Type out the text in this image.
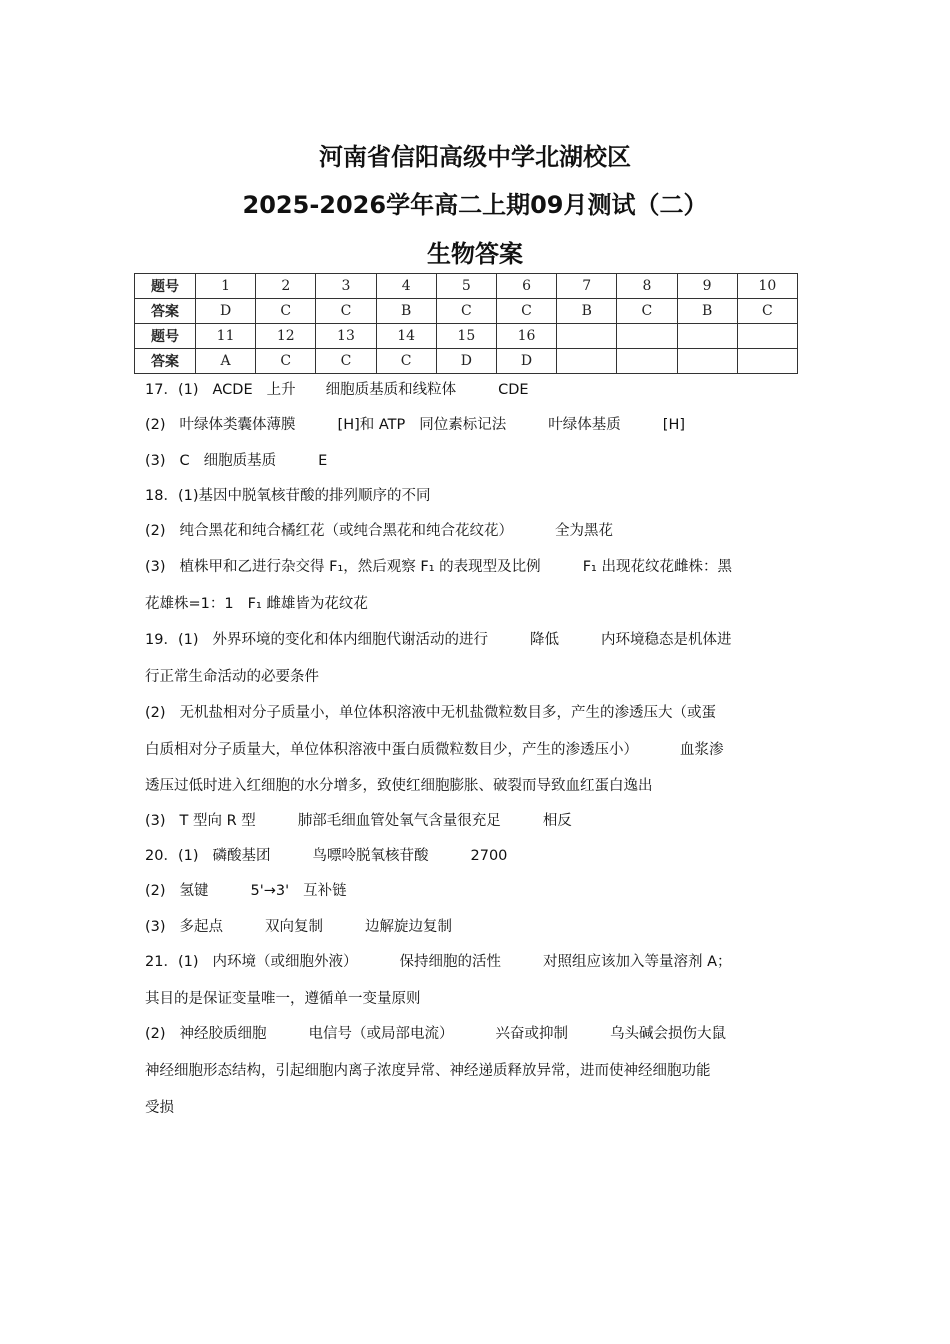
河南省信阳高级中学北湖校区
2025-2026学年高二上期09月测试（二）
生物答案
题号	1	2	3	4	5	6	7	8	9	10
答案	D	C	C	B	C	C	B	C	B	C
题号	11	12	13	14	15	16				
答案	A	C	C	C	D	D				
17．(1) ACDE 上升 细胞质基质和线粒体	CDE
(2) 叶绿体类囊体薄膜	[H]和 ATP 同位素标记法	叶绿体基质	[H]
(3) C 细胞质基质	E
18．(1)基因中脱氧核苷酸的排列顺序的不同
(2) 纯合黑花和纯合橘红花（或纯合黑花和纯合花纹花）	全为黑花
(3) 植株甲和乙进行杂交得 F₁，然后观察 F₁ 的表现型及比例	F₁ 出现花纹花雌株：黑
花雄株=1：1 F₁ 雌雄皆为花纹花
19．(1) 外界环境的变化和体内细胞代谢活动的进行	降低	内环境稳态是机体进
行正常生命活动的必要条件
(2) 无机盐相对分子质量小，单位体积溶液中无机盐微粒数目多，产生的渗透压大（或蛋
白质相对分子质量大，单位体积溶液中蛋白质微粒数目少，产生的渗透压小）	血浆渗
透压过低时进入红细胞的水分增多，致使红细胞膨胀、破裂而导致血红蛋白逸出
(3) T 型向 R 型	肺部毛细血管处氧气含量很充足	相反
20．(1) 磷酸基团	鸟嘌呤脱氧核苷酸	2700
(2) 氢键	5'→3' 互补链
(3) 多起点	双向复制	边解旋边复制
21．(1) 内环境（或细胞外液）	保持细胞的活性	对照组应该加入等量溶剂 A；
其目的是保证变量唯一，遵循单一变量原则
(2) 神经胶质细胞	电信号（或局部电流）	兴奋或抑制	乌头碱会损伤大鼠
神经细胞形态结构，引起细胞内离子浓度异常、神经递质释放异常，进而使神经细胞功能
受损
